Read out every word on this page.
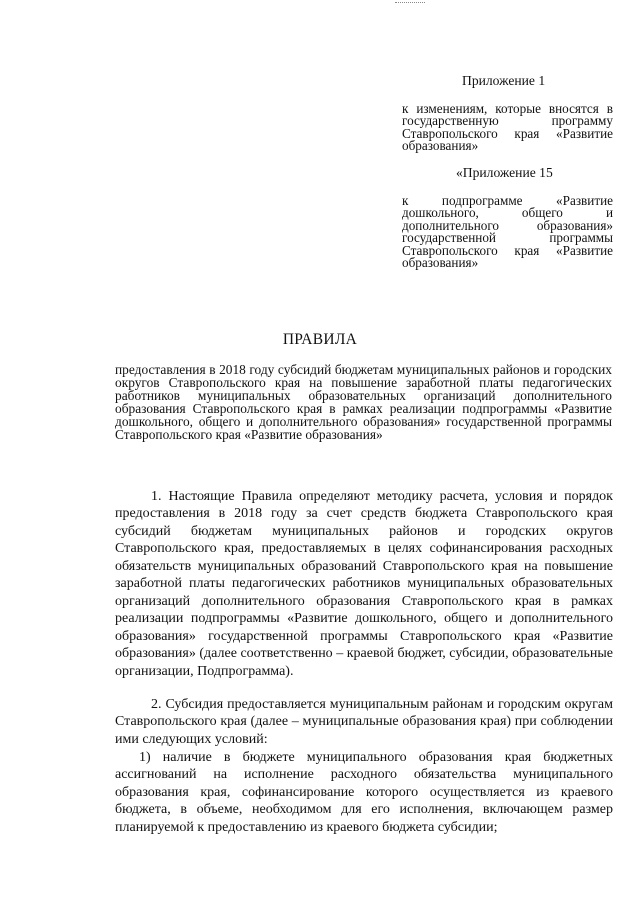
Приложение 1
к изменениям, которые вносятся в государственную программу Ставропольского края «Развитие образования»
«Приложение 15
к подпрограмме «Развитие дошкольного, общего и дополнительного образования» государственной программы Ставропольского края «Развитие образования»
ПРАВИЛА
предоставления в 2018 году субсидий бюджетам муниципальных районов и городских округов Ставропольского края на повышение заработной платы педагогических работников муниципальных образовательных организаций дополнительного образования Ставропольского края в рамках реализации подпрограммы «Развитие дошкольного, общего и дополнительного образования» государственной программы Ставропольского края «Развитие образования»

1. Настоящие Правила определяют методику расчета, условия и порядок предоставления в 2018 году за счет средств бюджета Ставропольского края субсидий бюджетам муниципальных районов и городских округов Ставропольского края, предоставляемых в целях софинансирования расходных обязательств муниципальных образований Ставропольского края на повышение заработной платы педагогических работников муниципальных образовательных организаций дополнительного образования Ставропольского края в рамках реализации подпрограммы «Развитие дошкольного, общего и дополнительного образования» государственной программы Ставропольского края «Развитие образования» (далее соответственно – краевой бюджет, субсидии, образовательные организации, Подпрограмма).

2. Субсидия предоставляется муниципальным районам и городским округам Ставропольского края (далее – муниципальные образования края) при соблюдении ими следующих условий:

1) наличие в бюджете муниципального образования края бюджетных ассигнований на исполнение расходного обязательства муниципального образования края, софинансирование которого осуществляется из краевого бюджета, в объеме, необходимом для его исполнения, включающем размер планируемой к предоставлению из краевого бюджета субсидии;
